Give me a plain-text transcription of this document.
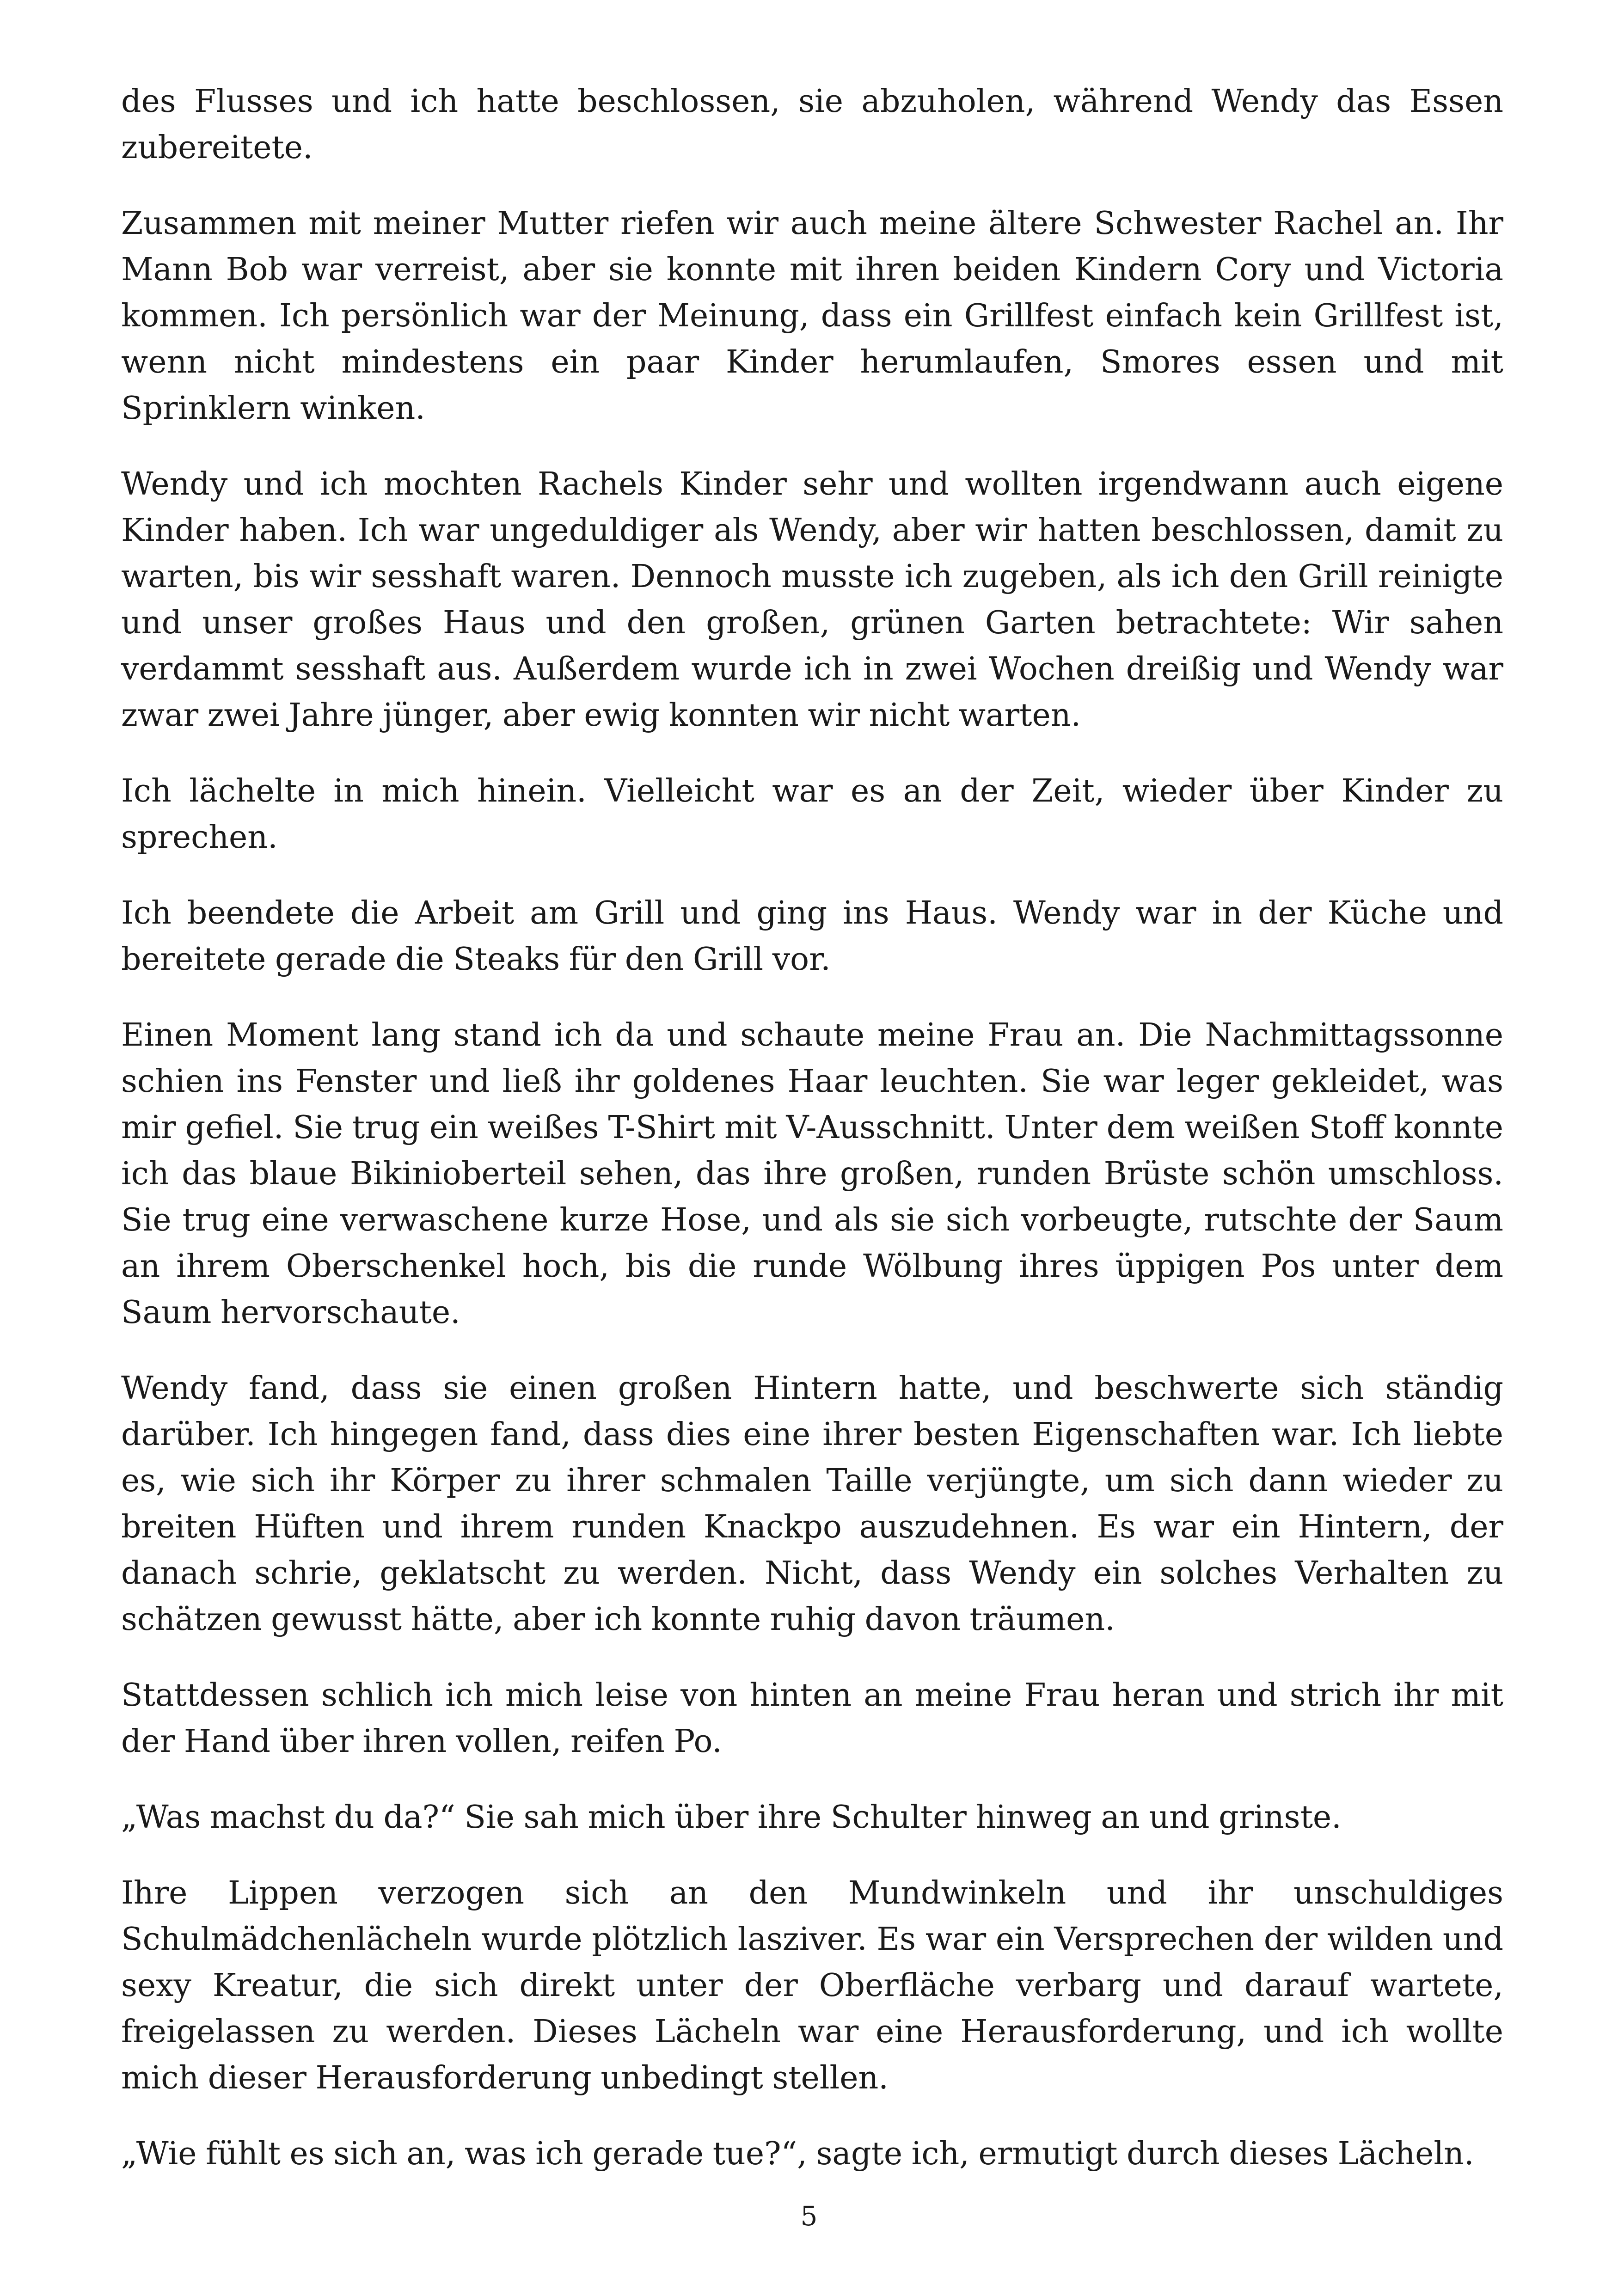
des Flusses und ich hatte beschlossen, sie abzuholen, während Wendy das Essen zubereitete.

Zusammen mit meiner Mutter riefen wir auch meine ältere Schwester Rachel an. Ihr Mann Bob war verreist, aber sie konnte mit ihren beiden Kindern Cory und Victoria kommen. Ich persönlich war der Meinung, dass ein Grillfest einfach kein Grillfest ist, wenn nicht mindestens ein paar Kinder herumlaufen, Smores essen und mit Sprinklern winken.

Wendy und ich mochten Rachels Kinder sehr und wollten irgendwann auch eigene Kinder haben. Ich war ungeduldiger als Wendy, aber wir hatten beschlossen, damit zu warten, bis wir sesshaft waren. Dennoch musste ich zugeben, als ich den Grill reinigte und unser großes Haus und den großen, grünen Garten betrachtete: Wir sahen verdammt sesshaft aus. Außerdem wurde ich in zwei Wochen dreißig und Wendy war zwar zwei Jahre jünger, aber ewig konnten wir nicht warten.

Ich lächelte in mich hinein. Vielleicht war es an der Zeit, wieder über Kinder zu sprechen.

Ich beendete die Arbeit am Grill und ging ins Haus. Wendy war in der Küche und bereitete gerade die Steaks für den Grill vor.

Einen Moment lang stand ich da und schaute meine Frau an. Die Nachmittagssonne schien ins Fenster und ließ ihr goldenes Haar leuchten. Sie war leger gekleidet, was mir gefiel. Sie trug ein weißes T-Shirt mit V-Ausschnitt. Unter dem weißen Stoff konnte ich das blaue Bikinioberteil sehen, das ihre großen, runden Brüste schön umschloss. Sie trug eine verwaschene kurze Hose, und als sie sich vorbeugte, rutschte der Saum an ihrem Oberschenkel hoch, bis die runde Wölbung ihres üppigen Pos unter dem Saum hervorschaute.

Wendy fand, dass sie einen großen Hintern hatte, und beschwerte sich ständig darüber. Ich hingegen fand, dass dies eine ihrer besten Eigenschaften war. Ich liebte es, wie sich ihr Körper zu ihrer schmalen Taille verjüngte, um sich dann wieder zu breiten Hüften und ihrem runden Knackpo auszudehnen. Es war ein Hintern, der danach schrie, geklatscht zu werden. Nicht, dass Wendy ein solches Verhalten zu schätzen gewusst hätte, aber ich konnte ruhig davon träumen.

Stattdessen schlich ich mich leise von hinten an meine Frau heran und strich ihr mit der Hand über ihren vollen, reifen Po.

„Was machst du da?“ Sie sah mich über ihre Schulter hinweg an und grinste.

Ihre Lippen verzogen sich an den Mundwinkeln und ihr unschuldiges Schulmädchenlächeln wurde plötzlich lasziver. Es war ein Versprechen der wilden und sexy Kreatur, die sich direkt unter der Oberfläche verbarg und darauf wartete, freigelassen zu werden. Dieses Lächeln war eine Herausforderung, und ich wollte mich dieser Herausforderung unbedingt stellen.

„Wie fühlt es sich an, was ich gerade tue?“, sagte ich, ermutigt durch dieses Lächeln.

5
